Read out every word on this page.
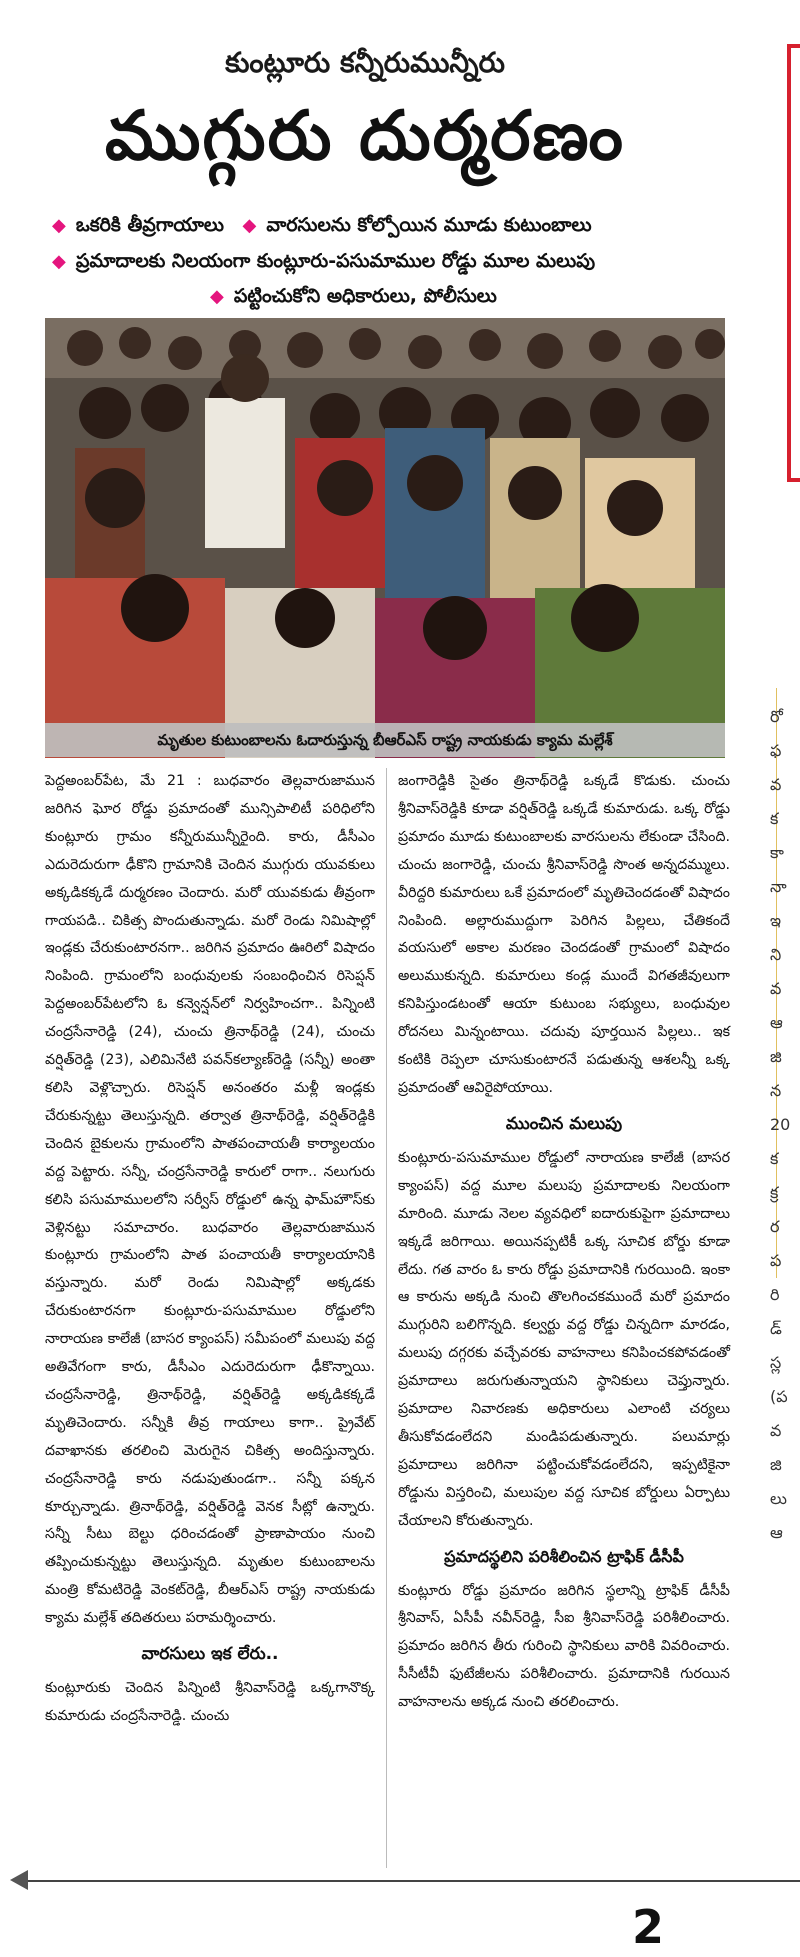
కుంట్లూరు కన్నీరుమున్నీరు
ముగ్గురు దుర్మరణం
◆ ఒకరికి తీవ్రగాయాలు ◆ వారసులను కోల్పోయిన మూడు కుటుంబాలు
◆ ప్రమాదాలకు నిలయంగా కుంట్లూరు-పసుమాముల రోడ్డు మూల మలుపు
◆ పట్టించుకోని అధికారులు, పోలీసులు
మృతుల కుటుంబాలను ఓదారుస్తున్న బీఆర్‌ఎస్‌ రాష్ట్ర నాయకుడు క్యామ మల్లేశ్‌

పెద్దఅంబర్‌పేట, మే 21 : బుధవారం తెల్లవారుజామున జరిగిన ఘోర రోడ్డు ప్రమాదంతో మున్సిపాలిటీ పరిధిలోని కుంట్లూరు గ్రామం కన్నీరుమున్నీరైంది. కారు, డీసీఎం ఎదురెదురుగా ఢీకొని గ్రామానికి చెందిన ముగ్గురు యువకులు అక్కడికక్కడే దుర్మరణం చెందారు. మరో యువకుడు తీవ్రంగా గాయపడి.. చికిత్స పొందుతున్నాడు. మరో రెండు నిమిషాల్లో ఇండ్లకు చేరుకుంటారనగా.. జరిగిన ప్రమాదం ఊరిలో విషాదం నింపింది. గ్రామంలోని బంధువులకు సంబంధించిన రిసెప్షన్‌ పెద్దఅంబర్‌పేటలోని ఓ కన్వెన్షన్‌లో నిర్వహించగా.. పిన్నింటి చంద్రసేనారెడ్డి (24), చుంచు త్రినాథ్‌రెడ్డి (24), చుంచు వర్షిత్‌రెడ్డి (23), ఎలిమినేటి పవన్‌కల్యాణ్‌రెడ్డి (సన్నీ) అంతా కలిసి వెళ్లొచ్చారు. రిసెప్షన్‌ అనంతరం మళ్లీ ఇండ్లకు చేరుకున్నట్టు తెలుస్తున్నది. తర్వాత త్రినాథ్‌రెడ్డి, వర్షిత్‌రెడ్డికి చెందిన బైకులను గ్రామంలోని పాతపంచాయతీ కార్యాలయం వద్ద పెట్టారు. సన్నీ, చంద్రసేనారెడ్డి కారులో రాగా.. నలుగురు కలిసి పసుమాములలోని సర్వీస్‌ రోడ్డులో ఉన్న ఫామ్‌హౌస్‌కు వెళ్లినట్టు సమాచారం. బుధవారం తెల్లవారుజామున కుంట్లూరు గ్రామంలోని పాత పంచాయతీ కార్యాలయానికి వస్తున్నారు. మరో రెండు నిమిషాల్లో అక్కడకు చేరుకుంటారనగా కుంట్లూరు-పసుమాముల రోడ్డులోని నారాయణ కాలేజీ (బాసర క్యాంపస్‌) సమీపంలో మలుపు వద్ద అతివేగంగా కారు, డీసీఎం ఎదురెదురుగా ఢీకొన్నాయి. చంద్రసేనారెడ్డి, త్రినాథ్‌రెడ్డి, వర్షిత్‌రెడ్డి అక్కడికక్కడే మృతిచెందారు. సన్నీకి తీవ్ర గాయాలు కాగా.. ప్రైవేట్‌ దవాఖానకు తరలించి మెరుగైన చికిత్స అందిస్తున్నారు. చంద్రసేనారెడ్డి కారు నడుపుతుండగా.. సన్నీ పక్కన కూర్చున్నాడు. త్రినాథ్‌రెడ్డి, వర్షిత్‌రెడ్డి వెనక సీట్లో ఉన్నారు. సన్నీ సీటు బెల్టు ధరించడంతో ప్రాణాపాయం నుంచి తప్పించుకున్నట్టు తెలుస్తున్నది. మృతుల కుటుంబాలను మంత్రి కోమటిరెడ్డి వెంకట్‌రెడ్డి, బీఆర్‌ఎస్‌ రాష్ట్ర నాయకుడు క్యామ మల్లేశ్‌ తదితరులు పరామర్శించారు.

వారసులు ఇక లేరు..

కుంట్లూరుకు చెందిన పిన్నింటి శ్రీనివాస్‌రెడ్డి ఒక్కగానొక్క కుమారుడు చంద్రసేనారెడ్డి. చుంచు

జంగారెడ్డికి సైతం త్రినాథ్‌రెడ్డి ఒక్కడే కొడుకు. చుంచు శ్రీనివాస్‌రెడ్డికి కూడా వర్షిత్‌రెడ్డి ఒక్కడే కుమారుడు. ఒక్క రోడ్డు ప్రమాదం మూడు కుటుంబాలకు వారసులను లేకుండా చేసింది. చుంచు జంగారెడ్డి, చుంచు శ్రీనివాస్‌రెడ్డి సొంత అన్నదమ్ములు. వీరిద్దరి కుమారులు ఒకే ప్రమాదంలో మృతిచెందడంతో విషాదం నింపింది. అల్లారుముద్దుగా పెరిగిన పిల్లలు, చేతికందే వయసులో అకాల మరణం చెందడంతో గ్రామంలో విషాదం అలుముకున్నది. కుమారులు కండ్ల ముందే విగతజీవులుగా కనిపిస్తుండటంతో ఆయా కుటుంబ సభ్యులు, బంధువుల రోదనలు మిన్నంటాయి. చదువు పూర్తయిన పిల్లలు.. ఇక కంటికి రెప్పలా చూసుకుంటారనే పడుతున్న ఆశలన్నీ ఒక్క ప్రమాదంతో ఆవిరైపోయాయి.

ముంచిన మలుపు

కుంట్లూరు-పసుమాముల రోడ్డులో నారాయణ కాలేజీ (బాసర క్యాంపస్‌) వద్ద మూల మలుపు ప్రమాదాలకు నిలయంగా మారింది. మూడు నెలల వ్యవధిలో ఐదారుకుపైగా ప్రమాదాలు ఇక్కడే జరిగాయి. అయినప్పటికీ ఒక్క సూచిక బోర్డు కూడా లేదు. గత వారం ఓ కారు రోడ్డు ప్రమాదానికి గురయింది. ఇంకా ఆ కారును అక్కడి నుంచి తొలగించకముందే మరో ప్రమాదం ముగ్గురిని బలిగొన్నది. కల్వర్టు వద్ద రోడ్డు చిన్నదిగా మారడం, మలుపు దగ్గరకు వచ్చేవరకు వాహనాలు కనిపించకపోవడంతో ప్రమాదాలు జరుగుతున్నాయని స్థానికులు చెప్తున్నారు. ప్రమాదాల నివారణకు అధికారులు ఎలాంటి చర్యలు తీసుకోవడంలేదని మండిపడుతున్నారు. పలుమార్లు ప్రమాదాలు జరిగినా పట్టించుకోవడంలేదని, ఇప్పటికైనా రోడ్డును విస్తరించి, మలుపుల వద్ద సూచిక బోర్డులు ఏర్పాటు చేయాలని కోరుతున్నారు.

ప్రమాదస్థలిని పరిశీలించిన ట్రాఫిక్‌ డీసీపీ

కుంట్లూరు రోడ్డు ప్రమాదం జరిగిన స్థలాన్ని ట్రాఫిక్‌ డీసీపీ శ్రీనివాస్‌, ఏసీపీ నవీన్‌రెడ్డి, సీఐ శ్రీనివాస్‌రెడ్డి పరిశీలించారు. ప్రమాదం జరిగిన తీరు గురించి స్థానికులు వారికి వివరించారు. సీసీటీవీ ఫుటేజీలను పరిశీలించారు. ప్రమాదానికి గురయిన వాహనాలను అక్కడ నుంచి తరలించారు.

రో
ఫ
వ
క
కా
నా
ఇ
ని
వ
ఆ
జి
న
20
క
క్ర
ర
ప
రి
డ్
స్ల
(ప
వ
జి
లు
ఆ
2
